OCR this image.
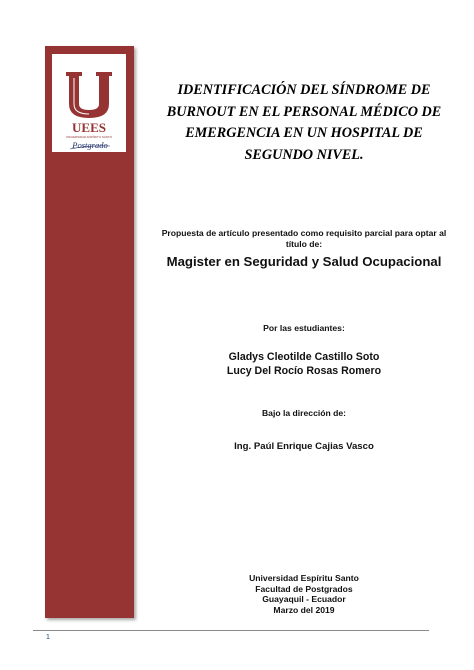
UEES
UNIVERSIDAD ESPÍRITU SANTO
Postgrado
IDENTIFICACIÓN DEL SÍNDROME DE
BURNOUT EN EL PERSONAL MÉDICO DE
EMERGENCIA EN UN HOSPITAL DE
SEGUNDO NIVEL.
Propuesta de artículo presentado como requisito parcial para optar al
título de:
Magister en Seguridad y Salud Ocupacional
Por las estudiantes:
Gladys Cleotilde Castillo Soto
Lucy Del Rocío Rosas Romero
Bajo la dirección de:
Ing. Paúl Enrique Cajias Vasco
Universidad Espíritu Santo
Facultad de Postgrados
Guayaquil - Ecuador
Marzo del 2019
1
